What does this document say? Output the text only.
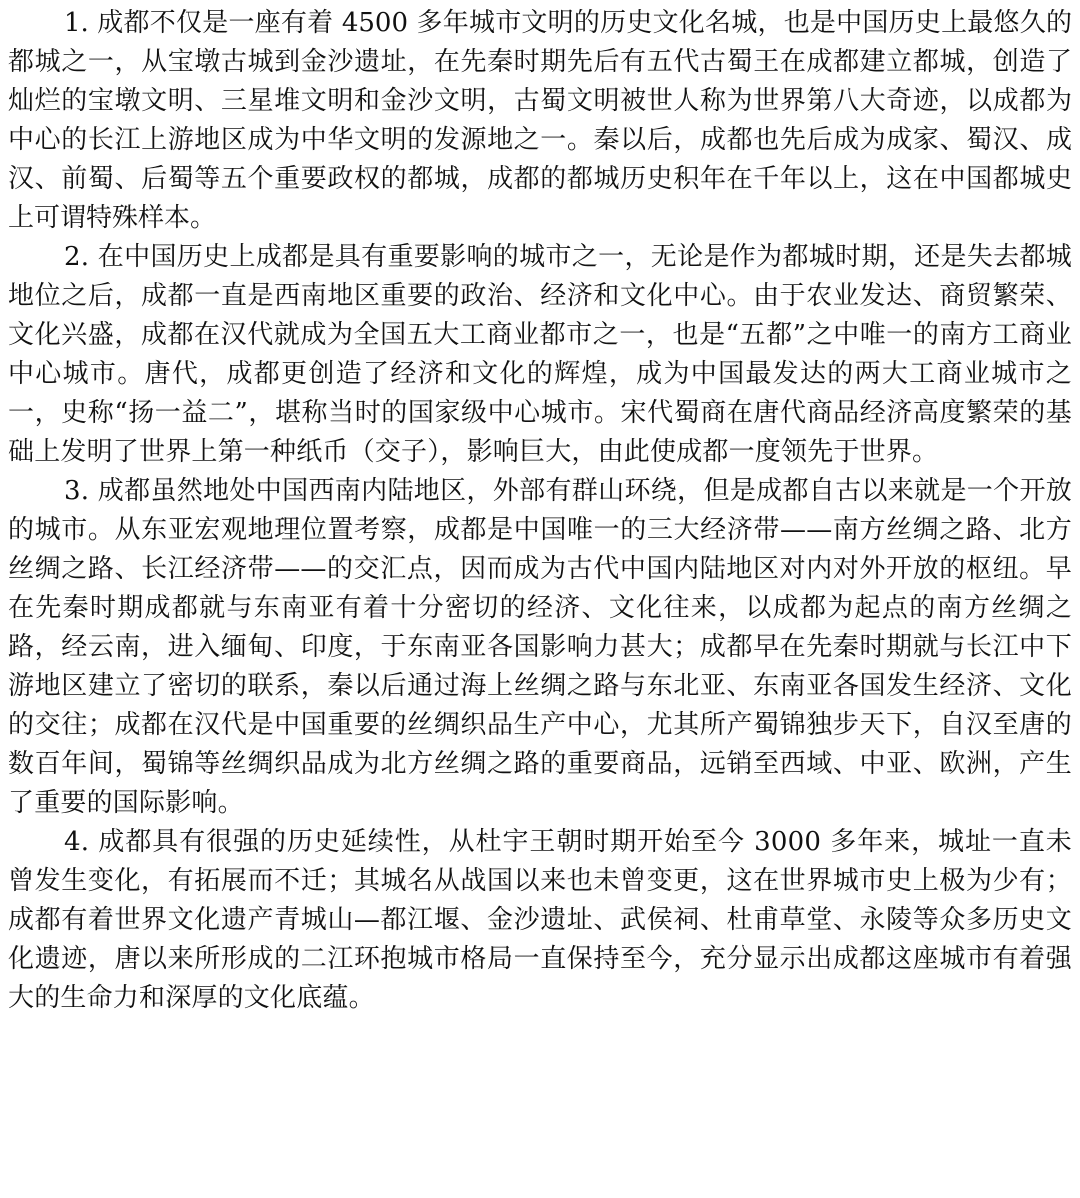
1. 成都不仅是一座有着 4500 多年城市文明的历史文化名城，也是中国历史上最悠久的都城之一，从宝墩古城到金沙遗址，在先秦时期先后有五代古蜀王在成都建立都城，创造了灿烂的宝墩文明、三星堆文明和金沙文明，古蜀文明被世人称为世界第八大奇迹，以成都为中心的长江上游地区成为中华文明的发源地之一。秦以后，成都也先后成为成家、蜀汉、成汉、前蜀、后蜀等五个重要政权的都城，成都的都城历史积年在千年以上，这在中国都城史上可谓特殊样本。

2. 在中国历史上成都是具有重要影响的城市之一，无论是作为都城时期，还是失去都城地位之后，成都一直是西南地区重要的政治、经济和文化中心。由于农业发达、商贸繁荣、文化兴盛，成都在汉代就成为全国五大工商业都市之一，也是“五都”之中唯一的南方工商业中心城市。唐代，成都更创造了经济和文化的辉煌，成为中国最发达的两大工商业城市之一，史称“扬一益二”，堪称当时的国家级中心城市。宋代蜀商在唐代商品经济高度繁荣的基础上发明了世界上第一种纸币（交子），影响巨大，由此使成都一度领先于世界。

3. 成都虽然地处中国西南内陆地区，外部有群山环绕，但是成都自古以来就是一个开放的城市。从东亚宏观地理位置考察，成都是中国唯一的三大经济带——南方丝绸之路、北方丝绸之路、长江经济带——的交汇点，因而成为古代中国内陆地区对内对外开放的枢纽。早在先秦时期成都就与东南亚有着十分密切的经济、文化往来，以成都为起点的南方丝绸之路，经云南，进入缅甸、印度，于东南亚各国影响力甚大；成都早在先秦时期就与长江中下游地区建立了密切的联系，秦以后通过海上丝绸之路与东北亚、东南亚各国发生经济、文化的交往；成都在汉代是中国重要的丝绸织品生产中心，尤其所产蜀锦独步天下，自汉至唐的数百年间，蜀锦等丝绸织品成为北方丝绸之路的重要商品，远销至西域、中亚、欧洲，产生了重要的国际影响。

4. 成都具有很强的历史延续性，从杜宇王朝时期开始至今 3000 多年来，城址一直未曾发生变化，有拓展而不迁；其城名从战国以来也未曾变更，这在世界城市史上极为少有；成都有着世界文化遗产青城山—都江堰、金沙遗址、武侯祠、杜甫草堂、永陵等众多历史文化遗迹，唐以来所形成的二江环抱城市格局一直保持至今，充分显示出成都这座城市有着强大的生命力和深厚的文化底蕴。
